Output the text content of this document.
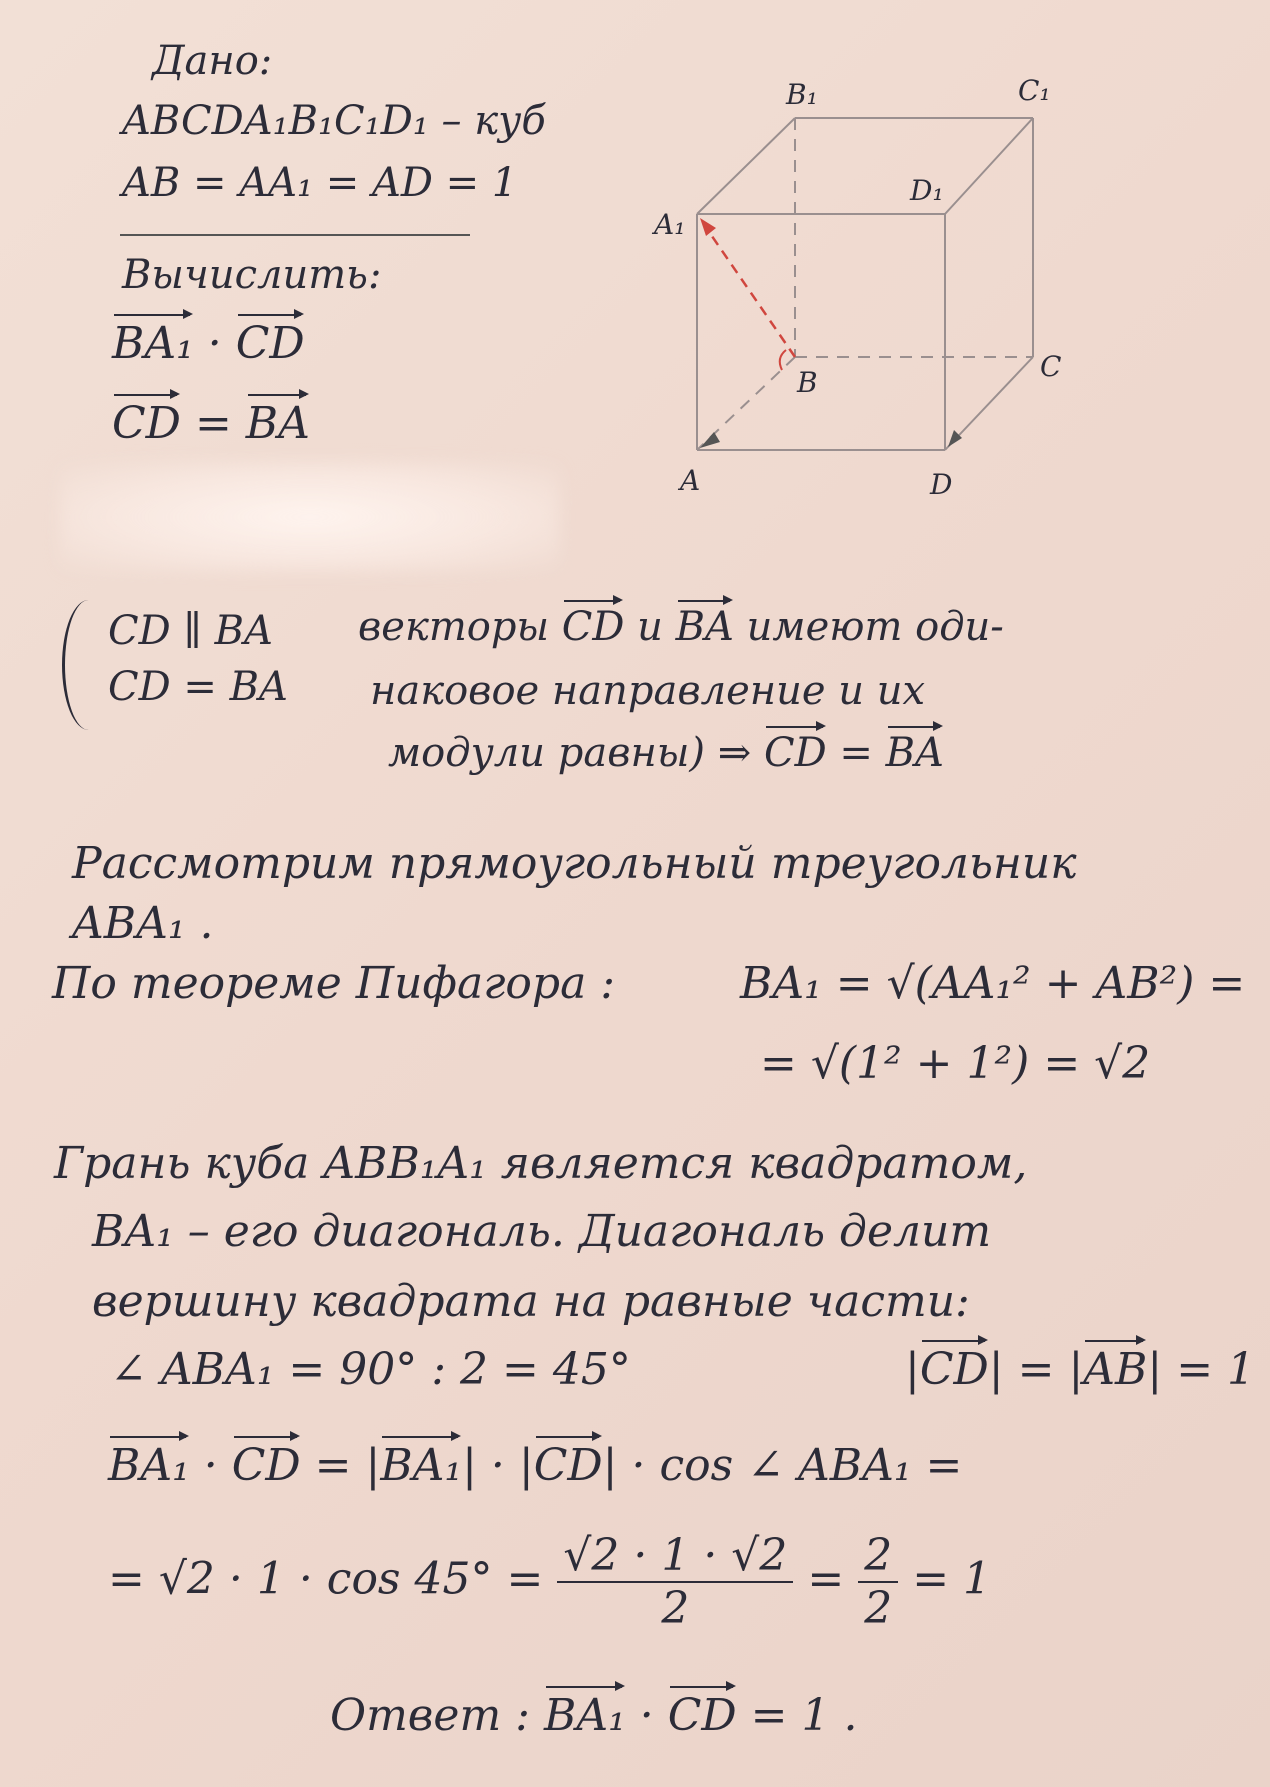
Дано:
ABCDA₁B₁C₁D₁ – куб
AB = AA₁ = AD = 1
Вычислить:
BA₁ · CD
CD = BA
B₁	C₁
D₁
A₁
B	C
A	D
CD ∥ BA
CD = BA
векторы CD и BA имеют оди-
наковое направление и их
модули равны) ⇒ CD = BA
Рассмотрим прямоугольный треугольник
ABA₁ .
По теореме Пифагора :	BA₁ = √(AA₁² + AB²) =
= √(1² + 1²) = √2
Грань куба ABB₁A₁ является квадратом,
BA₁ – его диагональ. Диагональ делит
вершину квадрата на равные части:
∠ ABA₁ = 90° : 2 = 45°	|CD| = |AB| = 1
BA₁ · CD = |BA₁| · |CD| · cos ∠ ABA₁ =
= $√2 \cdot 1 \cdot \cos 45^\circ = \frac{√2 \cdot 1 \cdot √2}{2} = \frac{2}{2} = 1$
Ответ : BA₁ · CD = 1 .
